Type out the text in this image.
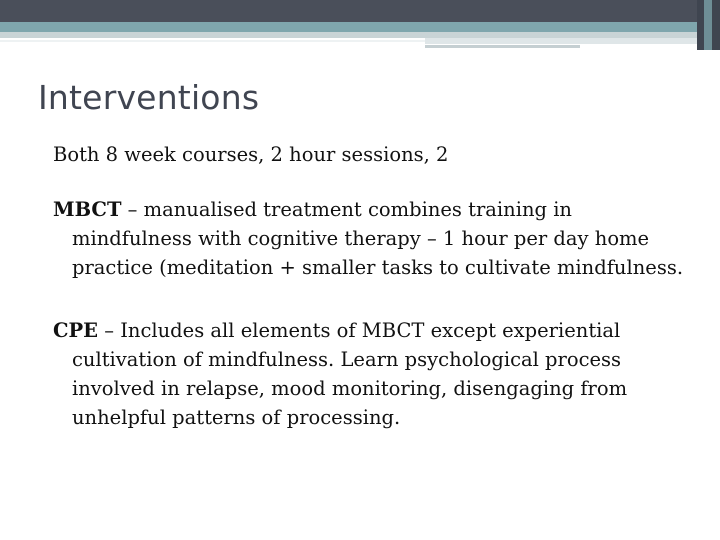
Interventions

Both 8 week courses, 2 hour sessions, 2

MBCT – manualised treatment combines training in mindfulness with cognitive therapy – 1 hour per day home practice (meditation + smaller tasks to cultivate mindfulness.

CPE – Includes all elements of MBCT except experiential cultivation of mindfulness. Learn psychological process involved in relapse, mood monitoring, disengaging from unhelpful patterns of processing.
